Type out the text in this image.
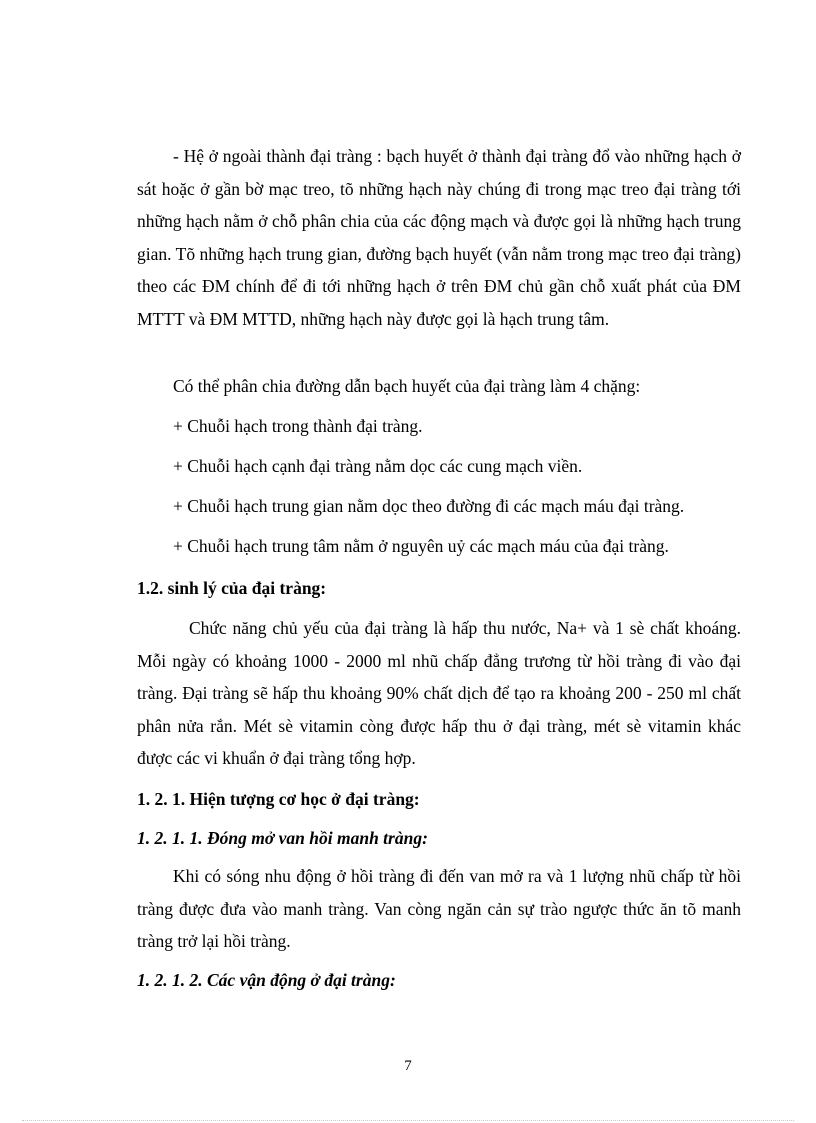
- Hệ ở ngoài thành đại tràng : bạch huyết ở thành đại tràng đổ vào những hạch ở sát hoặc ở gần bờ mạc treo, tõ những hạch này chúng đi trong mạc treo đại tràng tới những hạch nằm ở chỗ phân chia của các động mạch và được gọi là những hạch trung gian. Tõ những hạch trung gian, đường bạch huyết (vẫn nằm trong mạc treo đại tràng) theo các ĐM chính để đi tới những hạch ở trên ĐM chủ gần chỗ xuất phát của ĐM MTTT và ĐM MTTD, những hạch này được gọi là hạch trung tâm.

Có thể phân chia đường dẫn bạch huyết của đại tràng làm 4 chặng:
+ Chuỗi hạch trong thành đại tràng.
+ Chuỗi hạch cạnh đại tràng nằm dọc các cung mạch viền.
+ Chuỗi hạch trung gian nằm dọc theo đường đi các mạch máu đại tràng.
+ Chuỗi hạch trung tâm nằm ở nguyên uỷ các mạch máu của đại tràng.
1.2. sinh lý của đại tràng:

Chức năng chủ yếu của đại tràng là hấp thu nước, Na+ và 1 sè chất khoáng. Mỗi ngày có khoảng 1000 - 2000 ml nhũ chấp đẳng trương từ hồi tràng đi vào đại tràng. Đại tràng sẽ hấp thu khoảng 90% chất dịch để tạo ra khoảng 200 - 250 ml chất phân nửa rắn. Mét sè vitamin còng được hấp thu ở đại tràng, mét sè vitamin khác được các vi khuẩn ở đại tràng tổng hợp.

1. 2. 1. Hiện tượng cơ học ở đại tràng:
1. 2. 1. 1. Đóng mở van hồi manh tràng:

Khi có sóng nhu động ở hồi tràng đi đến van mở ra và 1 lượng nhũ chấp từ hồi tràng được đưa vào manh tràng. Van còng ngăn cản sự trào ngược thức ăn tõ manh tràng trở lại hồi tràng.

1. 2. 1. 2. Các vận động ở đại tràng:
7
